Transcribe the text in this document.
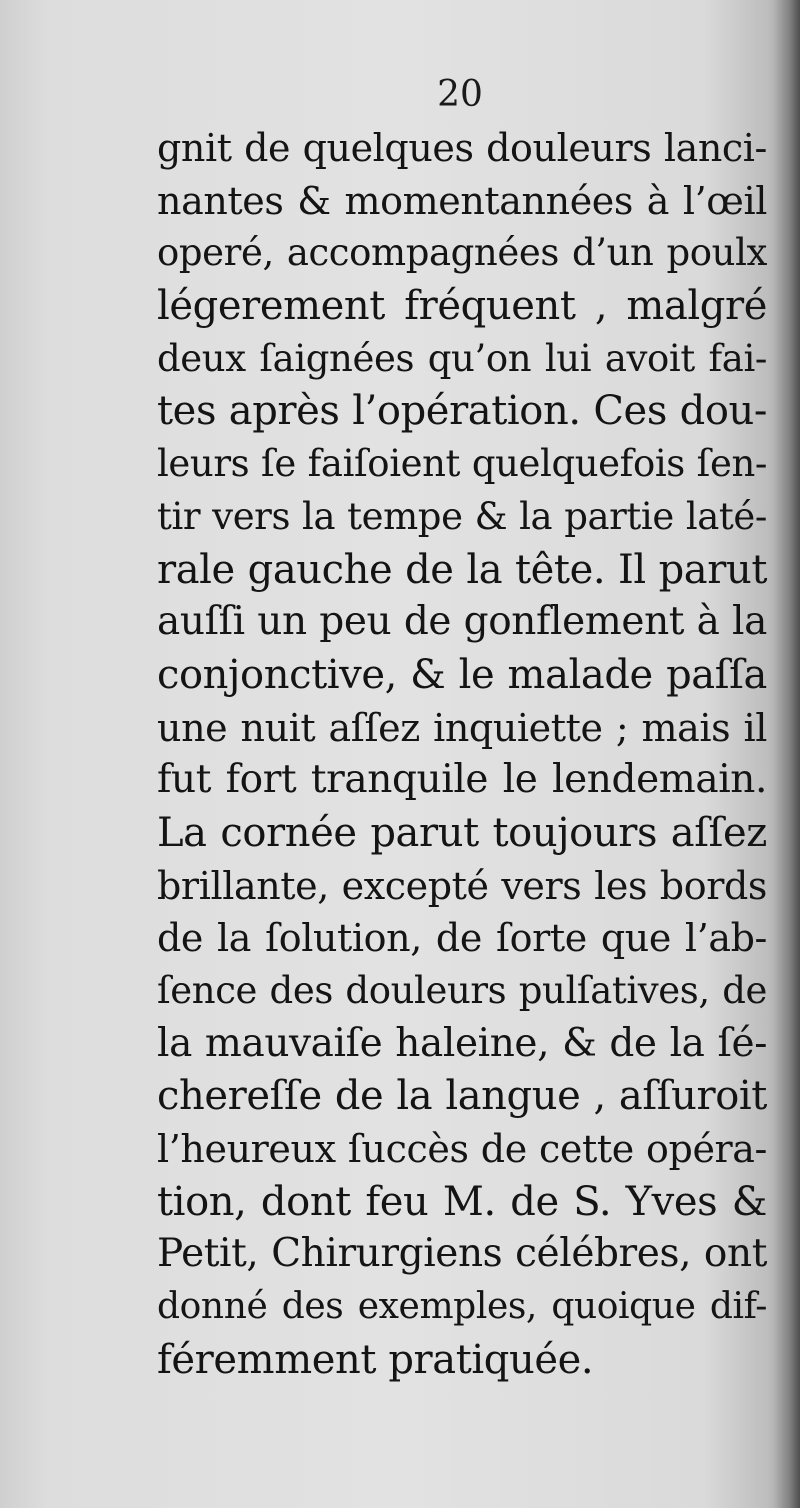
20
gnit de quelques douleurs lanci-
nantes & momentannées à l’œil
operé, accompagnées d’un poulx
légerement fréquent , malgré
deux ſaignées qu’on lui avoit fai-
tes après l’opération. Ces dou-
leurs ſe faiſoient quelquefois ſen-
tir vers la tempe & la partie laté-
rale gauche de la tête. Il parut
auſſi un peu de gonflement à la
conjonctive, & le malade paſſa
une nuit aſſez inquiette ; mais il
fut fort tranquile le lendemain.
La cornée parut toujours aſſez
brillante, excepté vers les bords
de la ſolution, de ſorte que l’ab-
ſence des douleurs pulſatives, de
la mauvaiſe haleine, & de la ſé-
chereſſe de la langue , aſſuroit
l’heureux ſuccès de cette opéra-
tion, dont feu M. de S. Yves &
Petit, Chirurgiens célébres, ont
donné des exemples, quoique dif-
féremment pratiquée.
